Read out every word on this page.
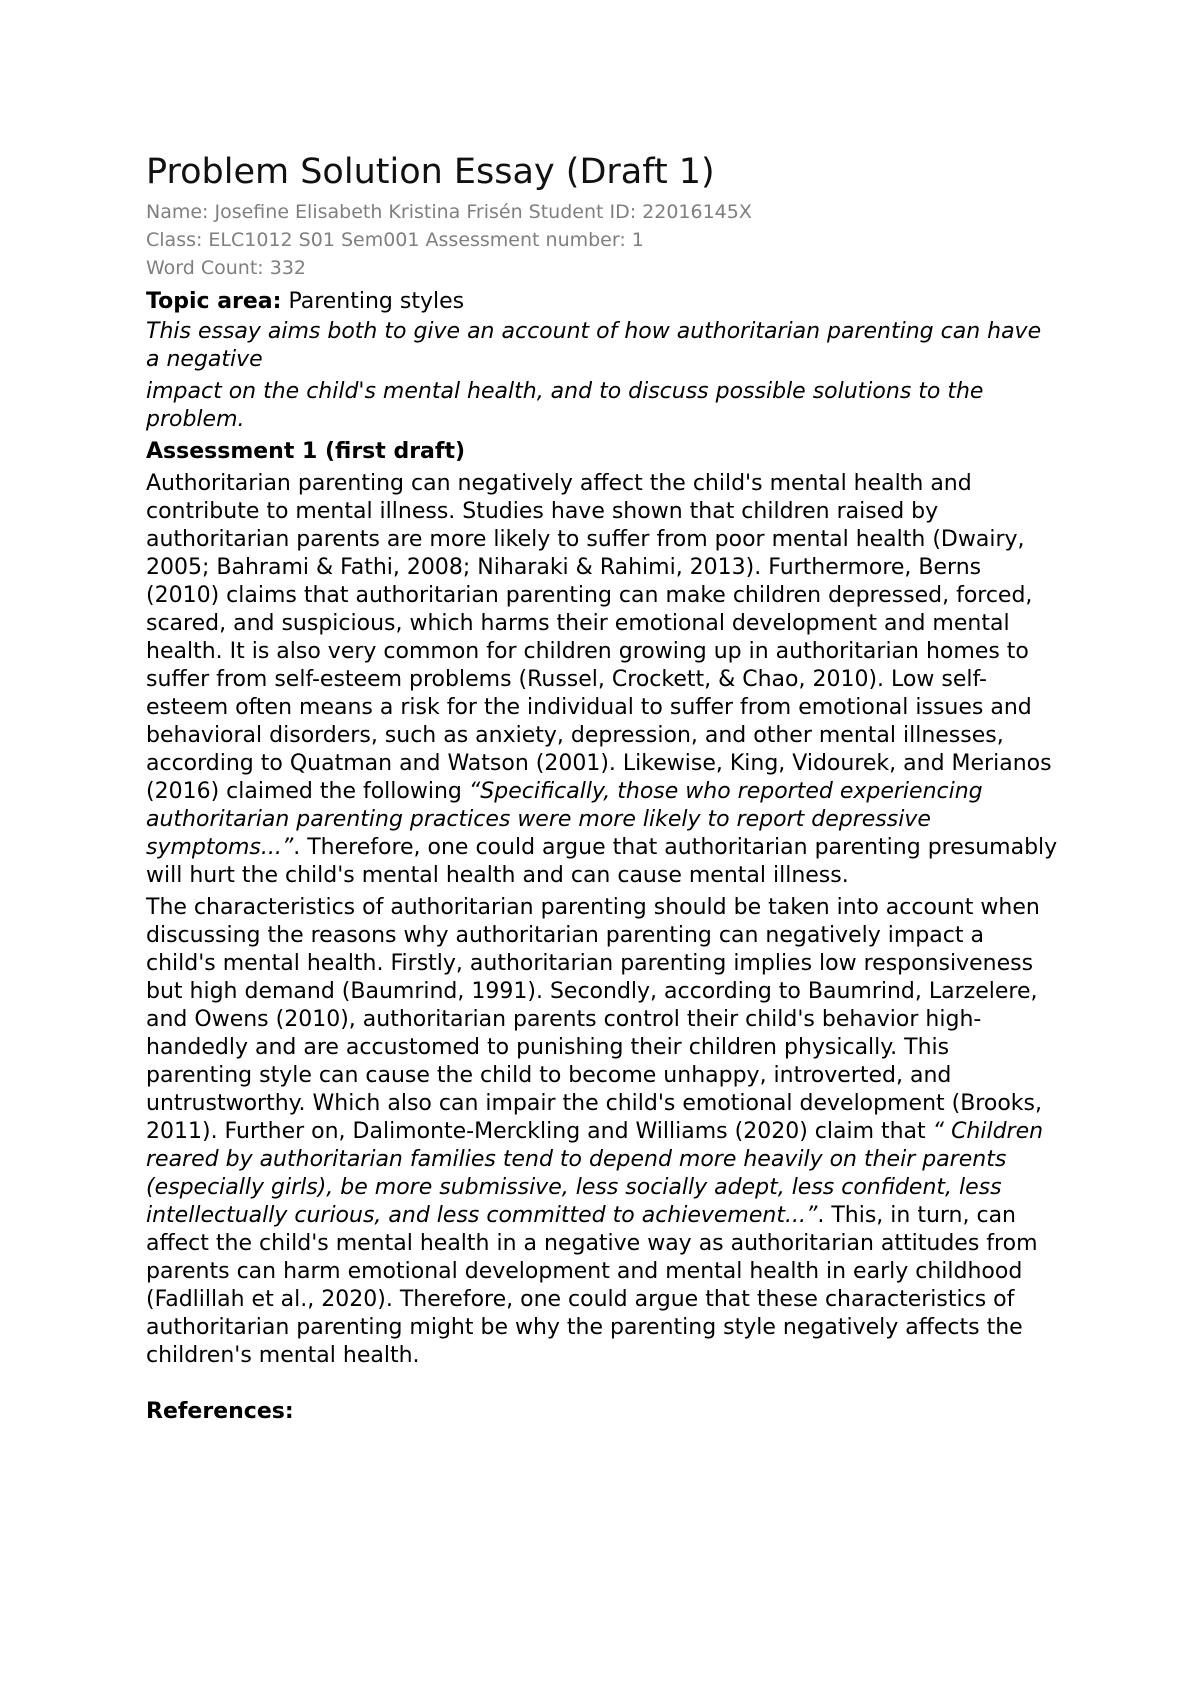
Problem Solution Essay (Draft 1)

Name: Josefine Elisabeth Kristina Frisén Student ID: 22016145X

Class: ELC1012 S01 Sem001 Assessment number: 1

Word Count: 332

Topic area: Parenting styles

This essay aims both to give an account of how authoritarian parenting can have a negative

impact on the child's mental health, and to discuss possible solutions to the problem.

Assessment 1 (first draft)

Authoritarian parenting can negatively affect the child's mental health and contribute to mental illness. Studies have shown that children raised by authoritarian parents are more likely to suffer from poor mental health (Dwairy, 2005; Bahrami & Fathi, 2008; Niharaki & Rahimi, 2013). Furthermore, Berns (2010) claims that authoritarian parenting can make children depressed, forced, scared, and suspicious, which harms their emotional development and mental health. It is also very common for children growing up in authoritarian homes to suffer from self-esteem problems (Russel, Crockett, & Chao, 2010). Low self-esteem often means a risk for the individual to suffer from emotional issues and behavioral disorders, such as anxiety, depression, and other mental illnesses, according to Quatman and Watson (2001). Likewise, King, Vidourek, and Merianos (2016) claimed the following “Specifically, those who reported experiencing authoritarian parenting practices were more likely to report depressive symptoms...”. Therefore, one could argue that authoritarian parenting presumably will hurt the child's mental health and can cause mental illness.

The characteristics of authoritarian parenting should be taken into account when discussing the reasons why authoritarian parenting can negatively impact a child's mental health. Firstly, authoritarian parenting implies low responsiveness but high demand (Baumrind, 1991). Secondly, according to Baumrind, Larzelere, and Owens (2010), authoritarian parents control their child's behavior high-handedly and are accustomed to punishing their children physically. This parenting style can cause the child to become unhappy, introverted, and untrustworthy. Which also can impair the child's emotional development (Brooks, 2011). Further on, Dalimonte-Merckling and Williams (2020) claim that “ Children reared by authoritarian families tend to depend more heavily on their parents (especially girls), be more submissive, less socially adept, less confident, less intellectually curious, and less committed to achievement...”. This, in turn, can affect the child's mental health in a negative way as authoritarian attitudes from parents can harm emotional development and mental health in early childhood (Fadlillah et al., 2020). Therefore, one could argue that these characteristics of authoritarian parenting might be why the parenting style negatively affects the children's mental health.

References:
